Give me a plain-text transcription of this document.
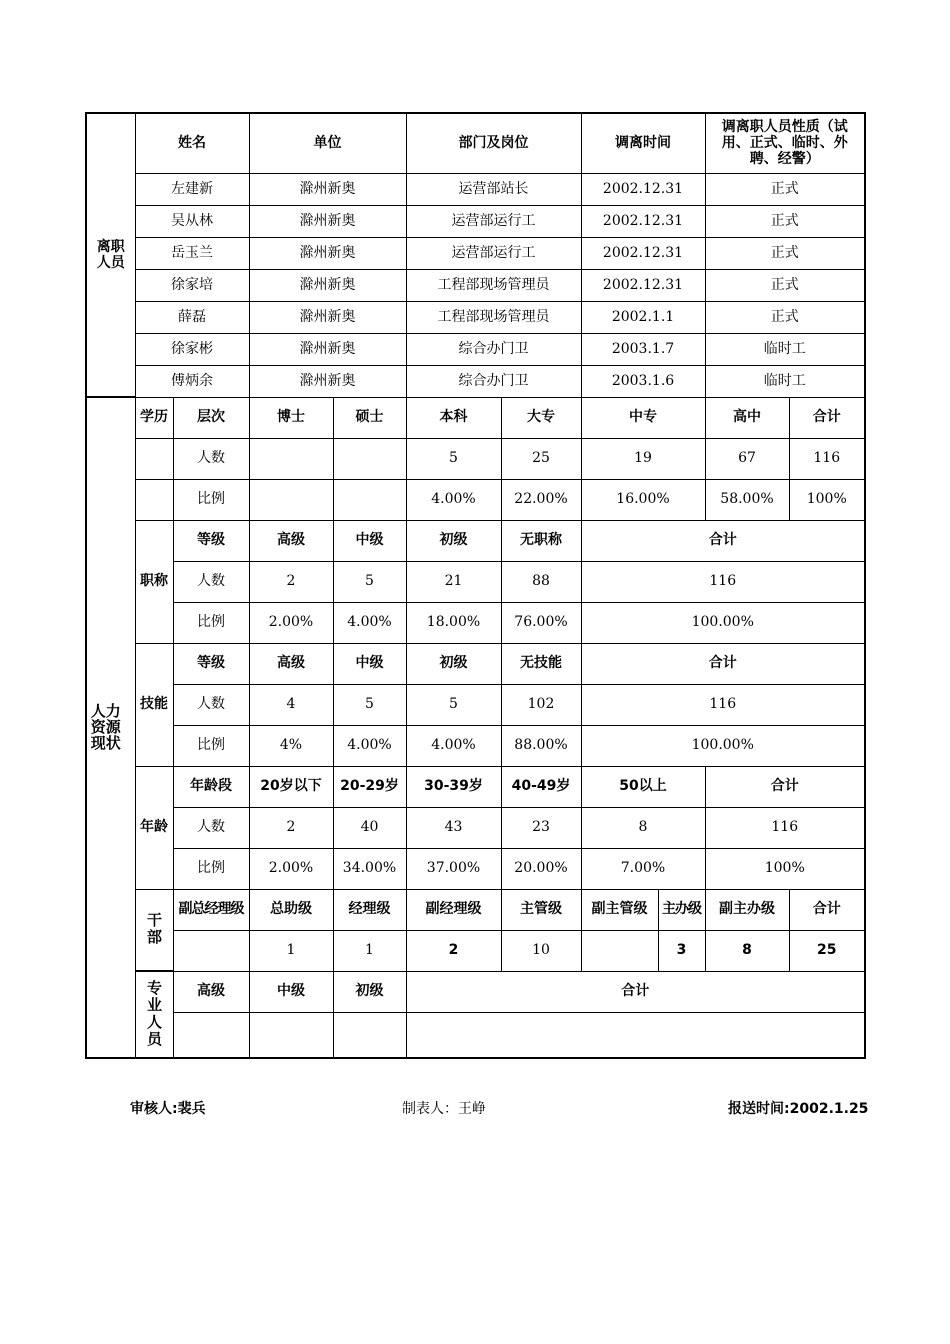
离职人员	姓名		单位		部门及岗位		调离时间		调离职人员性质（试用、正式、临时、外聘、经警）	
	左建新		滁州新奥		运营部站长		2002.12.31		正式	
	吴从林		滁州新奥		运营部运行工		2002.12.31		正式	
	岳玉兰		滁州新奥		运营部运行工		2002.12.31		正式	
	徐家培		滁州新奥		工程部现场管理员		2002.12.31		正式	
	薛磊		滁州新奥		工程部现场管理员		2002.1.1		正式	
	徐家彬		滁州新奥		综合办门卫		2003.1.7		临时工	
	傅炳余		滁州新奥		综合办门卫		2003.1.6		临时工	
人力资源现状	学历	层次	博士	硕士	本科	大专	中专		高中	合计
		人数			5	25	19		67	116
		比例			4.00%	22.00%	16.00%		58.00%	100%
	职称	等级	高级	中级	初级	无职称	合计			
		人数	2	5	21	88	116			
		比例	2.00%	4.00%	18.00%	76.00%	100.00%			
	技能	等级	高级	中级	初级	无技能	合计			
		人数	4	5	5	102	116			
		比例	4%	4.00%	4.00%	88.00%	100.00%			
	年龄	年龄段	20岁以下	20-29岁	30-39岁	40-49岁	50以上		合计	
		人数	2	40	43	23	8		116	
		比例	2.00%	34.00%	37.00%	20.00%	7.00%		100%	
	干部	副总经理级	总助级	经理级	副经理级	主管级	副主管级	主办级	副主办级	合计
			1	1	2	10		3	8	25
	专业人员	高级	中级	初级	合计					

审核人:裴兵	制表人：王峥	报送时间:2002.1.25
